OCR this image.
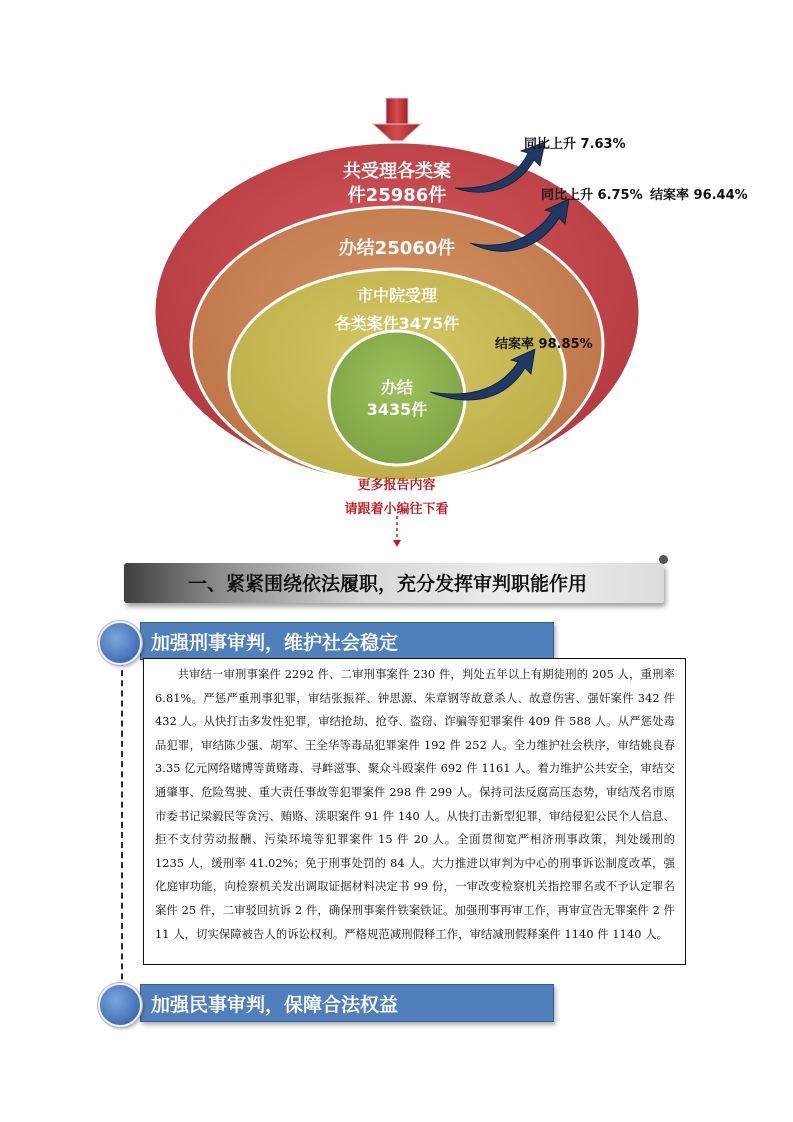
共受理各类案
件25986件
办结25060件
市中院受理
各类案件3475件
办结
3435件
同比上升 7.63%
同比上升 6.75% 结案率 96.44%
结案率 98.85%
更多报告内容
请跟着小编往下看
一、紧紧围绕依法履职，充分发挥审判职能作用
加强刑事审判，维护社会稳定

共审结一审刑事案件 2292 件、二审刑事案件 230 件，判处五年以上有期徒刑的 205 人，重刑率 6.81%。严惩严重刑事犯罪，审结张振祥、钟思源、朱章钢等故意杀人、故意伤害、强奸案件 342 件 432 人。从快打击多发性犯罪，审结抢劫、抢夺、盗窃、诈骗等犯罪案件 409 件 588 人。从严惩处毒品犯罪，审结陈少强、胡军、王全华等毒品犯罪案件 192 件 252 人。全力维护社会秩序，审结姚良春 3.35 亿元网络赌博等黄赌毒、寻衅滋事、聚众斗殴案件 692 件 1161 人。着力维护公共安全，审结交通肇事、危险驾驶、重大责任事故等犯罪案件 298 件 299 人。保持司法反腐高压态势，审结茂名市原市委书记梁毅民等贪污、贿赂、渎职案件 91 件 140 人。从快打击新型犯罪，审结侵犯公民个人信息、拒不支付劳动报酬、污染环境等犯罪案件 15 件 20 人。全面贯彻宽严相济刑事政策，判处缓刑的 1235 人，缓刑率 41.02%；免于刑事处罚的 84 人。大力推进以审判为中心的刑事诉讼制度改革，强化庭审功能，向检察机关发出调取证据材料决定书 99 份，一审改变检察机关指控罪名或不予认定罪名案件 25 件，二审驳回抗诉 2 件，确保刑事案件铁案铁证。加强刑事再审工作，再审宣告无罪案件 2 件 11 人，切实保障被告人的诉讼权利。严格规范减刑假释工作，审结减刑假释案件 1140 件 1140 人。

加强民事审判，保障合法权益
